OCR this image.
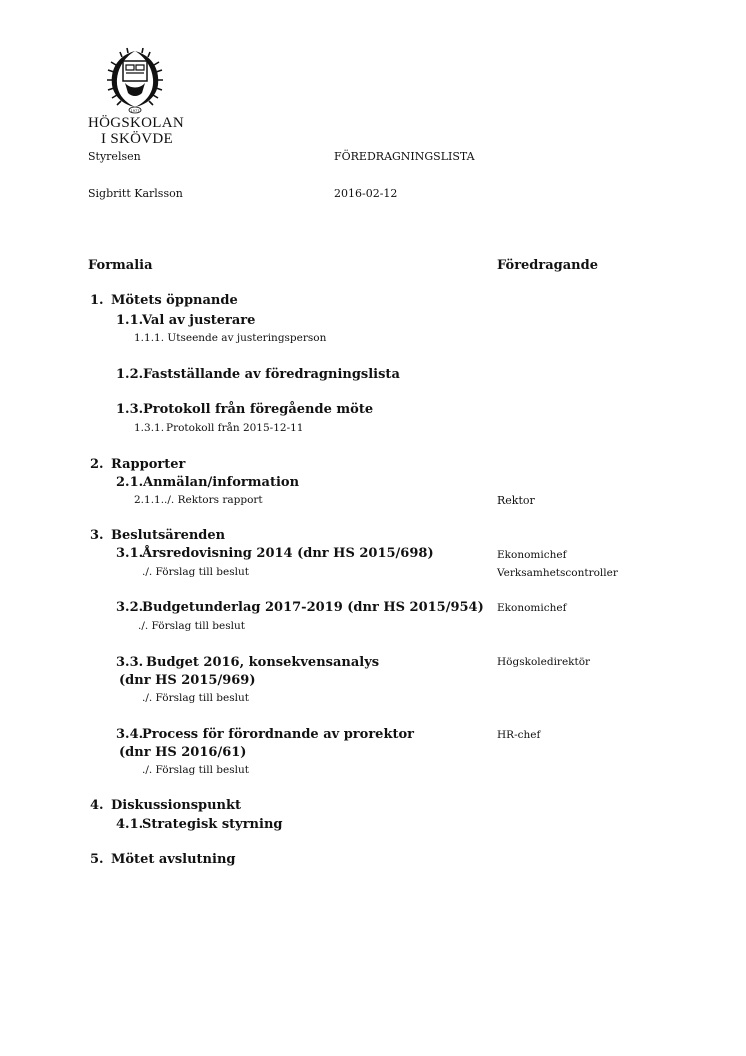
1977
HÖGSKOLAN
I SKÖVDE
Styrelsen	FÖREDRAGNINGSLISTA
Sigbritt Karlsson	2016-02-12
Formalia	Föredragande
1. Mötets öppnande
1.1.
Val av justerare
1.1.1. Utseende av justeringsperson
1.2. Fastställande av föredragningslista
1.3. Protokoll från föregående möte
1.3.1. Protokoll från 2015-12-11
2. Rapporter
2.1. Anmälan/information
2.1.1../. Rektors rapport	Rektor
3. Beslutsärenden
3.1.
Årsredovisning 2014 (dnr HS 2015/698)	Ekonomichef
./. Förslag till beslut	Verksamhetscontroller
3.2.
Budgetunderlag 2017-2019 (dnr HS 2015/954) Ekonomichef
./. Förslag till beslut
3.3. Budget 2016, konsekvensanalys	Högskoledirektör
(dnr HS 2015/969)
./. Förslag till beslut
3.4.
Process för förordnande av prorektor	HR-chef
(dnr HS 2016/61)
./. Förslag till beslut
4. Diskussionspunkt
4.1.
Strategisk styrning
5. Mötet avslutning
